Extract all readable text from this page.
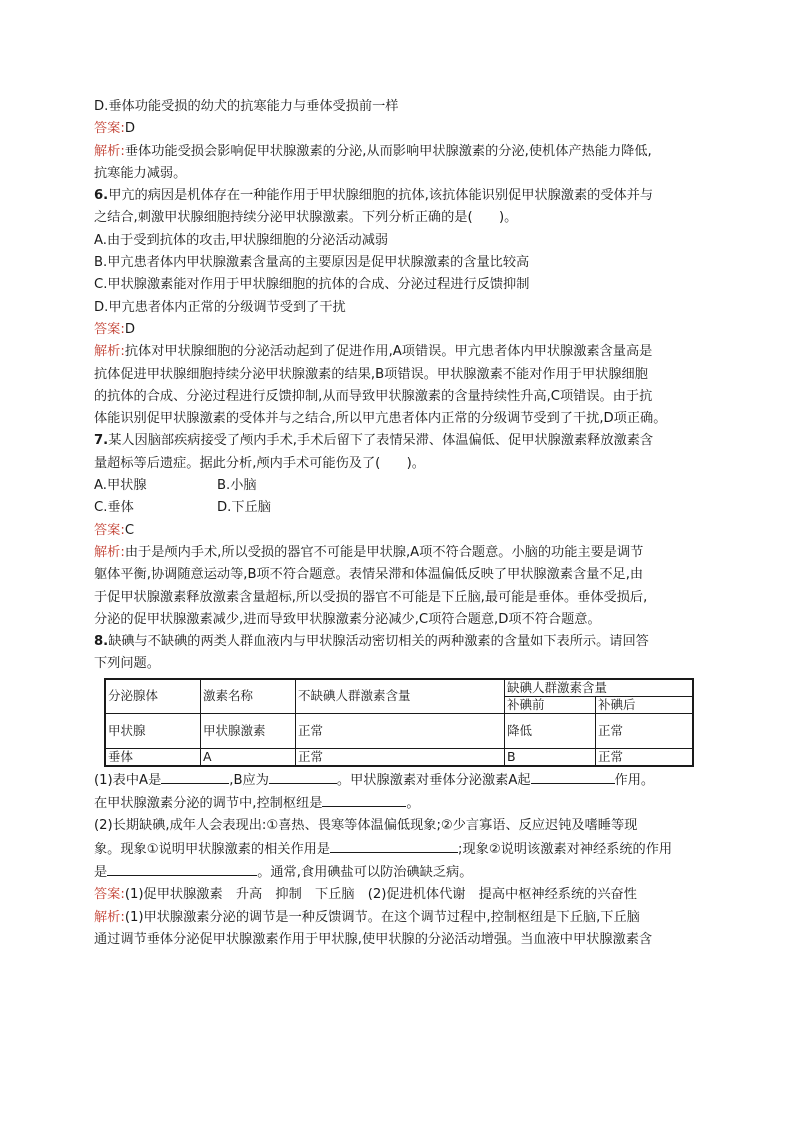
D.垂体功能受损的幼犬的抗寒能力与垂体受损前一样

答案:D

解析:垂体功能受损会影响促甲状腺激素的分泌,从而影响甲状腺激素的分泌,使机体产热能力降低,

抗寒能力减弱。

6.甲亢的病因是机体存在一种能作用于甲状腺细胞的抗体,该抗体能识别促甲状腺激素的受体并与

之结合,刺激甲状腺细胞持续分泌甲状腺激素。下列分析正确的是(　　)。

A.由于受到抗体的攻击,甲状腺细胞的分泌活动减弱

B.甲亢患者体内甲状腺激素含量高的主要原因是促甲状腺激素的含量比较高

C.甲状腺激素能对作用于甲状腺细胞的抗体的合成、分泌过程进行反馈抑制

D.甲亢患者体内正常的分级调节受到了干扰

答案:D

解析:抗体对甲状腺细胞的分泌活动起到了促进作用,A项错误。甲亢患者体内甲状腺激素含量高是

抗体促进甲状腺细胞持续分泌甲状腺激素的结果,B项错误。甲状腺激素不能对作用于甲状腺细胞

的抗体的合成、分泌过程进行反馈抑制,从而导致甲状腺激素的含量持续性升高,C项错误。由于抗

体能识别促甲状腺激素的受体并与之结合,所以甲亢患者体内正常的分级调节受到了干扰,D项正确。

7.某人因脑部疾病接受了颅内手术,手术后留下了表情呆滞、体温偏低、促甲状腺激素释放激素含

量超标等后遗症。据此分析,颅内手术可能伤及了(　　)。

A.甲状腺	B.小脑

C.垂体	D.下丘脑

答案:C

解析:由于是颅内手术,所以受损的器官不可能是甲状腺,A项不符合题意。小脑的功能主要是调节

躯体平衡,协调随意运动等,B项不符合题意。表情呆滞和体温偏低反映了甲状腺激素含量不足,由

于促甲状腺激素释放激素含量超标,所以受损的器官不可能是下丘脑,最可能是垂体。垂体受损后,

分泌的促甲状腺激素减少,进而导致甲状腺激素分泌减少,C项符合题意,D项不符合题意。

8.缺碘与不缺碘的两类人群血液内与甲状腺活动密切相关的两种激素的含量如下表所示。请回答

下列问题。

分泌腺体	激素名称	不缺碘人群激素含量	缺碘人群激素含量	
			补碘前	补碘后
甲状腺	甲状腺激素	正常	降低	正常
垂体	A	正常	B	正常

(1)表中A是	,B应为	。甲状腺激素对垂体分泌激素A起	作用。

在甲状腺激素分泌的调节中,控制枢纽是	。

(2)长期缺碘,成年人会表现出:①喜热、畏寒等体温偏低现象;②少言寡语、反应迟钝及嗜睡等现

象。现象①说明甲状腺激素的相关作用是	;现象②说明该激素对神经系统的作用

是	。通常,食用碘盐可以防治碘缺乏病。

答案:(1)促甲状腺激素　升高　抑制　下丘脑　(2)促进机体代谢　提高中枢神经系统的兴奋性

解析:(1)甲状腺激素分泌的调节是一种反馈调节。在这个调节过程中,控制枢纽是下丘脑,下丘脑

通过调节垂体分泌促甲状腺激素作用于甲状腺,使甲状腺的分泌活动增强。当血液中甲状腺激素含
